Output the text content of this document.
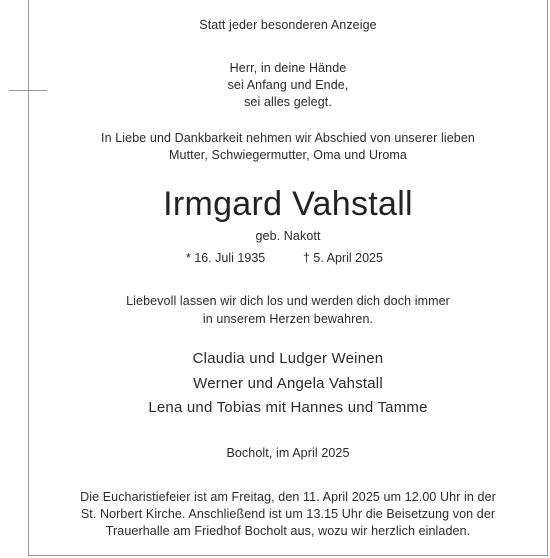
Statt jeder besonderen Anzeige
Herr, in deine Hände
sei Anfang und Ende,
sei alles gelegt.
In Liebe und Dankbarkeit nehmen wir Abschied von unserer lieben
Mutter, Schwiegermutter, Oma und Uroma
Irmgard Vahstall
geb. Nakott
* 16. Juli 1935	† 5. April 2025
Liebevoll lassen wir dich los und werden dich doch immer
in unserem Herzen bewahren.
Claudia und Ludger Weinen
Werner und Angela Vahstall
Lena und Tobias mit Hannes und Tamme
Bocholt, im April 2025
Die Eucharistiefeier ist am Freitag, den 11. April 2025 um 12.00 Uhr in der
St. Norbert Kirche. Anschließend ist um 13.15 Uhr die Beisetzung von der
Trauerhalle am Friedhof Bocholt aus, wozu wir herzlich einladen.
